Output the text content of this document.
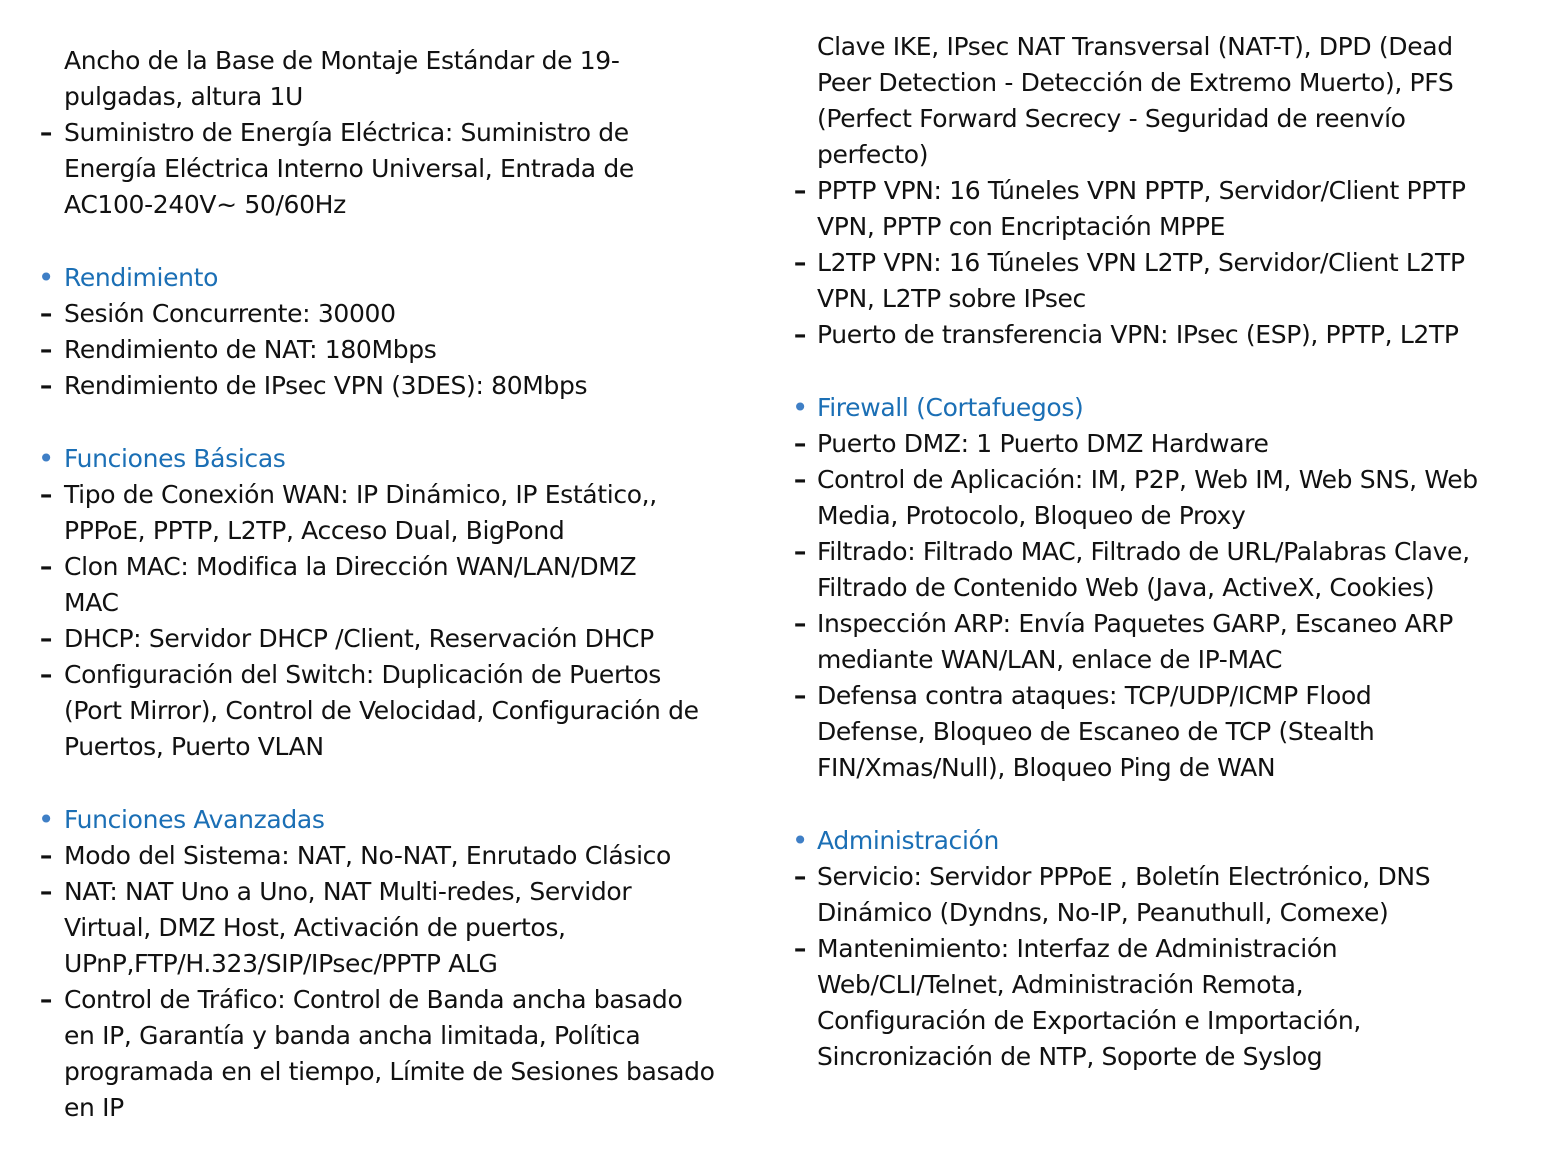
Ancho de la Base de Montaje Estándar de 19-
pulgadas, altura 1U
– Suministro de Energía Eléctrica: Suministro de
Energía Eléctrica Interno Universal, Entrada de
AC100-240V~ 50/60Hz
• Rendimiento
– Sesión Concurrente: 30000
– Rendimiento de NAT: 180Mbps
– Rendimiento de IPsec VPN (3DES): 80Mbps
• Funciones Básicas
– Tipo de Conexión WAN: IP Dinámico, IP Estático,,
PPPoE, PPTP, L2TP, Acceso Dual, BigPond
– Clon MAC: Modifica la Dirección WAN/LAN/DMZ
MAC
– DHCP: Servidor DHCP /Client, Reservación DHCP
– Configuración del Switch: Duplicación de Puertos
(Port Mirror), Control de Velocidad, Configuración de
Puertos, Puerto VLAN
• Funciones Avanzadas
– Modo del Sistema: NAT, No-NAT, Enrutado Clásico
– NAT: NAT Uno a Uno, NAT Multi-redes, Servidor
Virtual, DMZ Host, Activación de puertos,
UPnP,FTP/H.323/SIP/IPsec/PPTP ALG
– Control de Tráfico: Control de Banda ancha basado
en IP, Garantía y banda ancha limitada, Política
programada en el tiempo, Límite de Sesiones basado
en IP
Clave IKE, IPsec NAT Transversal (NAT-T), DPD (Dead
Peer Detection - Detección de Extremo Muerto), PFS
(Perfect Forward Secrecy - Seguridad de reenvío
perfecto)
– PPTP VPN: 16 Túneles VPN PPTP, Servidor/Client PPTP
VPN, PPTP con Encriptación MPPE
– L2TP VPN: 16 Túneles VPN L2TP, Servidor/Client L2TP
VPN, L2TP sobre IPsec
– Puerto de transferencia VPN: IPsec (ESP), PPTP, L2TP
• Firewall (Cortafuegos)
– Puerto DMZ: 1 Puerto DMZ Hardware
– Control de Aplicación: IM, P2P, Web IM, Web SNS, Web
Media, Protocolo, Bloqueo de Proxy
– Filtrado: Filtrado MAC, Filtrado de URL/Palabras Clave,
Filtrado de Contenido Web (Java, ActiveX, Cookies)
– Inspección ARP: Envía Paquetes GARP, Escaneo ARP
mediante WAN/LAN, enlace de IP-MAC
– Defensa contra ataques: TCP/UDP/ICMP Flood
Defense, Bloqueo de Escaneo de TCP (Stealth
FIN/Xmas/Null), Bloqueo Ping de WAN
• Administración
– Servicio: Servidor PPPoE , Boletín Electrónico, DNS
Dinámico (Dyndns, No-IP, Peanuthull, Comexe)
– Mantenimiento: Interfaz de Administración
Web/CLI/Telnet, Administración Remota,
Configuración de Exportación e Importación,
Sincronización de NTP, Soporte de Syslog
